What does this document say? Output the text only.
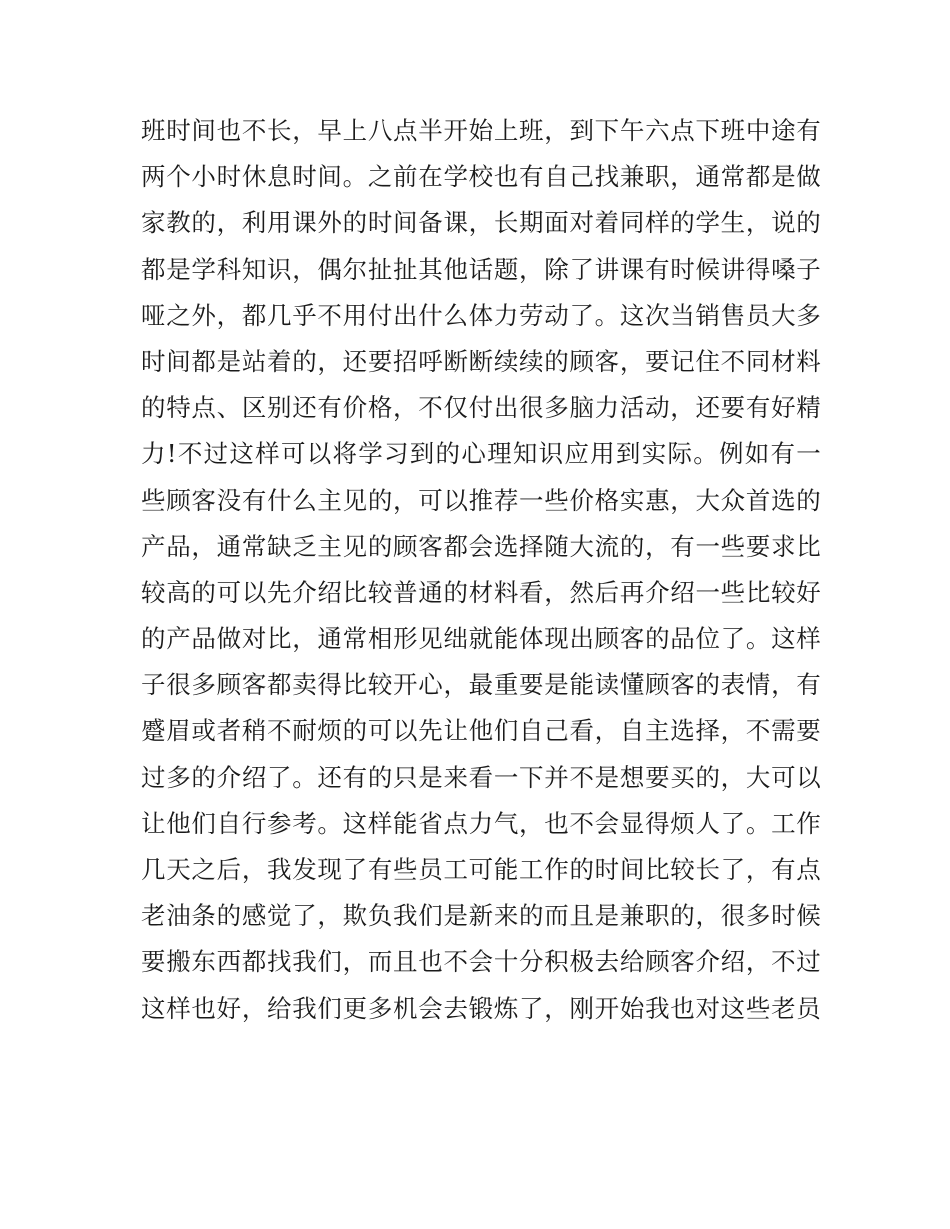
班时间也不长，早上八点半开始上班，到下午六点下班中途有
两个小时休息时间。之前在学校也有自己找兼职，通常都是做
家教的，利用课外的时间备课，长期面对着同样的学生，说的
都是学科知识，偶尔扯扯其他话题，除了讲课有时候讲得嗓子
哑之外，都几乎不用付出什么体力劳动了。这次当销售员大多
时间都是站着的，还要招呼断断续续的顾客，要记住不同材料
的特点、区别还有价格，不仅付出很多脑力活动，还要有好精
力!不过这样可以将学习到的心理知识应用到实际。例如有一
些顾客没有什么主见的，可以推荐一些价格实惠，大众首选的
产品，通常缺乏主见的顾客都会选择随大流的，有一些要求比
较高的可以先介绍比较普通的材料看，然后再介绍一些比较好
的产品做对比，通常相形见绌就能体现出顾客的品位了。这样
子很多顾客都卖得比较开心，最重要是能读懂顾客的表情，有
蹙眉或者稍不耐烦的可以先让他们自己看，自主选择，不需要
过多的介绍了。还有的只是来看一下并不是想要买的，大可以
让他们自行参考。这样能省点力气，也不会显得烦人了。工作
几天之后，我发现了有些员工可能工作的时间比较长了，有点
老油条的感觉了，欺负我们是新来的而且是兼职的，很多时候
要搬东西都找我们，而且也不会十分积极去给顾客介绍，不过
这样也好，给我们更多机会去锻炼了，刚开始我也对这些老员
